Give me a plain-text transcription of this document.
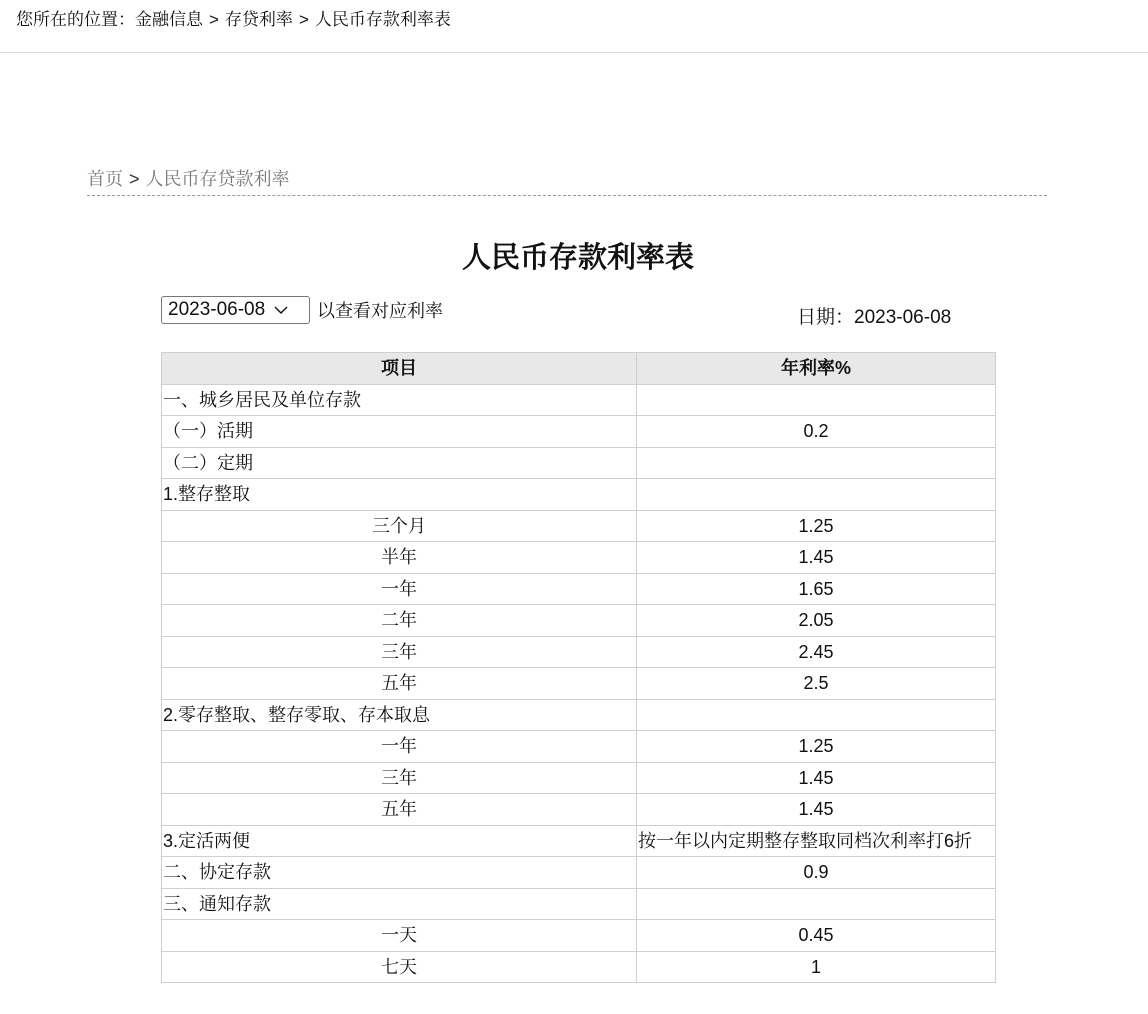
您所在的位置：金融信息 > 存贷利率 > 人民币存款利率表
首页 > 人民币存贷款利率
人民币存款利率表
2023-06-08	以查看对应利率	日期：2023-06-08
项目	年利率%
一、城乡居民及单位存款	
（一）活期	0.2
（二）定期	
1.整存整取	
三个月	1.25
半年	1.45
一年	1.65
二年	2.05
三年	2.45
五年	2.5
2.零存整取、整存零取、存本取息	
一年	1.25
三年	1.45
五年	1.45
3.定活两便	按一年以内定期整存整取同档次利率打6折
二、协定存款	0.9
三、通知存款	
一天	0.45
七天	1
